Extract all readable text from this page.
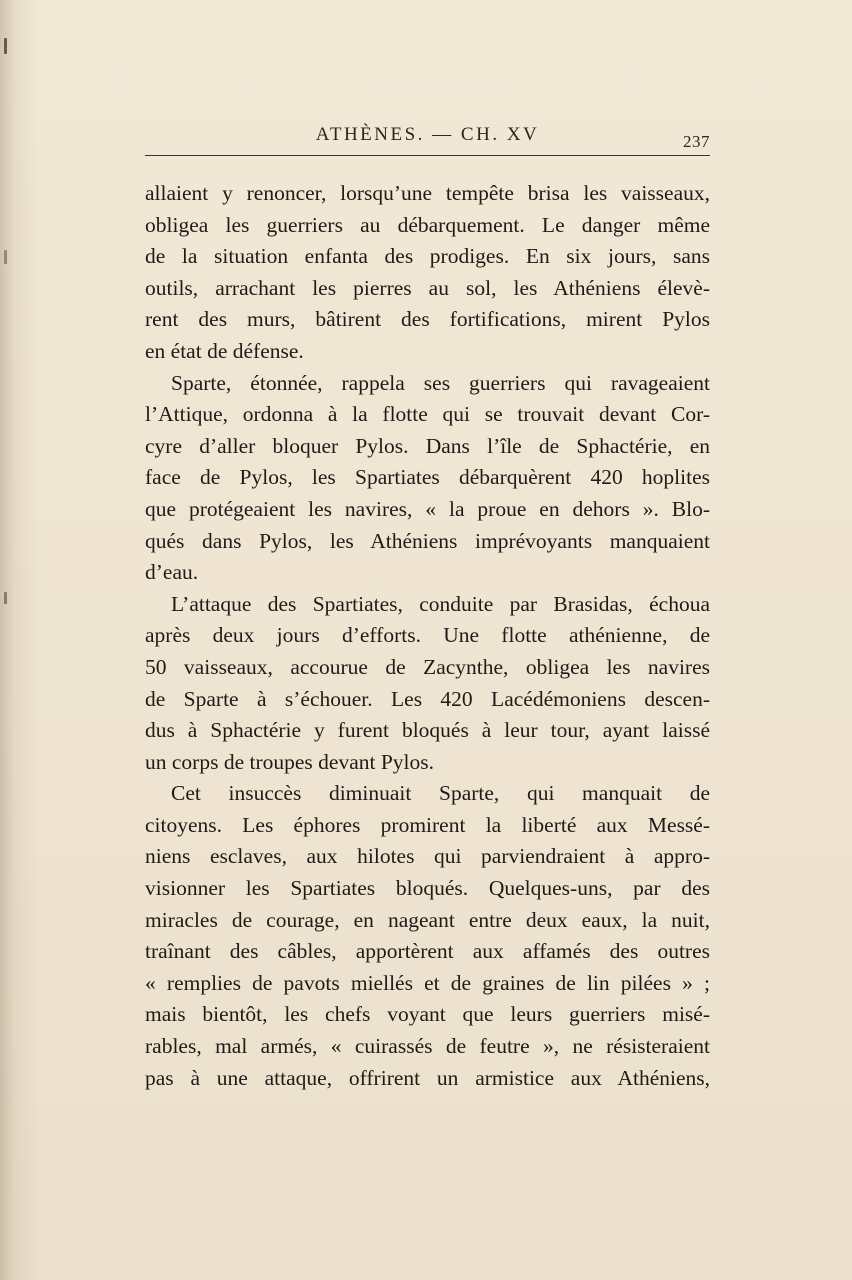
ATHÈNES. — CH. XV	237

allaient y renoncer, lorsqu’une tempête brisa les vaisseaux,
obligea les guerriers au débarquement. Le danger même
de la situation enfanta des prodiges. En six jours, sans
outils, arrachant les pierres au sol, les Athéniens élevè-
rent des murs, bâtirent des fortifications, mirent Pylos
en état de défense.

Sparte, étonnée, rappela ses guerriers qui ravageaient
l’Attique, ordonna à la flotte qui se trouvait devant Cor-
cyre d’aller bloquer Pylos. Dans l’île de Sphactérie, en
face de Pylos, les Spartiates débarquèrent 420 hoplites
que protégeaient les navires, « la proue en dehors ». Blo-
qués dans Pylos, les Athéniens imprévoyants manquaient
d’eau.

L’attaque des Spartiates, conduite par Brasidas, échoua
après deux jours d’efforts. Une flotte athénienne, de
50 vaisseaux, accourue de Zacynthe, obligea les navires
de Sparte à s’échouer. Les 420 Lacédémoniens descen-
dus à Sphactérie y furent bloqués à leur tour, ayant laissé
un corps de troupes devant Pylos.

Cet insuccès diminuait Sparte, qui manquait de
citoyens. Les éphores promirent la liberté aux Messé-
niens esclaves, aux hilotes qui parviendraient à appro-
visionner les Spartiates bloqués. Quelques-uns, par des
miracles de courage, en nageant entre deux eaux, la nuit,
traînant des câbles, apportèrent aux affamés des outres
« remplies de pavots miellés et de graines de lin pilées » ;
mais bientôt, les chefs voyant que leurs guerriers misé-
rables, mal armés, « cuirassés de feutre », ne résisteraient
pas à une attaque, offrirent un armistice aux Athéniens,
